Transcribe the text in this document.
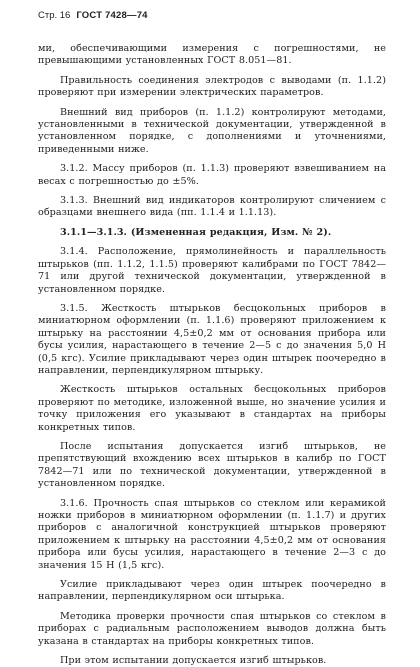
Стр. 16 ГОСТ 7428—74

ми, обеспечивающими измерения с погрешностями, не превышающими установленных ГОСТ 8.051—81.

Правильность соединения электродов с выводами (п. 1.1.2) проверяют при измерении электрических параметров.

Внешний вид приборов (п. 1.1.2) контролируют методами, установленными в технической документации, утвержденной в установленном порядке, с дополнениями и уточнениями, приведенными ниже.

3.1.2. Массу приборов (п. 1.1.3) проверяют взвешиванием на весах с погрешностью до ±5%.

3.1.3. Внешний вид индикаторов контролируют сличением с образцами внешнего вида (пп. 1.1.4 и 1.1.13).

3.1.1—3.1.3. (Измененная редакция, Изм. № 2).

3.1.4. Расположение, прямолинейность и параллельность штырьков (пп. 1.1.2, 1.1.5) проверяют калибрами по ГОСТ 7842—71 или другой технической документации, утвержденной в установленном порядке.

3.1.5. Жесткость штырьков бесцокольных приборов в миниатюрном оформлении (п. 1.1.6) проверяют приложением к штырьку на расстоянии 4,5±0,2 мм от основания прибора или бусы усилия, нарастающего в течение 2—5 с до значения 5,0 Н (0,5 кгс). Усилие прикладывают через один штырек поочередно в направлении, перпендикулярном штырьку.

Жесткость штырьков остальных бесцокольных приборов проверяют по методике, изложенной выше, но значение усилия и точку приложения его указывают в стандартах на приборы конкретных типов.

После испытания допускается изгиб штырьков, не препятствующий вхождению всех штырьков в калибр по ГОСТ 7842—71 или по технической документации, утвержденной в установленном порядке.

3.1.6. Прочность спая штырьков со стеклом или керамикой ножки приборов в миниатюрном оформлении (п. 1.1.7) и других приборов с аналогичной конструкцией штырьков проверяют приложением к штырьку на расстоянии 4,5±0,2 мм от основания прибора или бусы усилия, нарастающего в течение 2—3 с до значения 15 Н (1,5 кгс).

Усилие прикладывают через один штырек поочередно в направлении, перпендикулярном оси штырька.

Методика проверки прочности спая штырьков со стеклом в приборах с радиальным расположением выводов должна быть указана в стандартах на приборы конкретных типов.

При этом испытании допускается изгиб штырьков.
